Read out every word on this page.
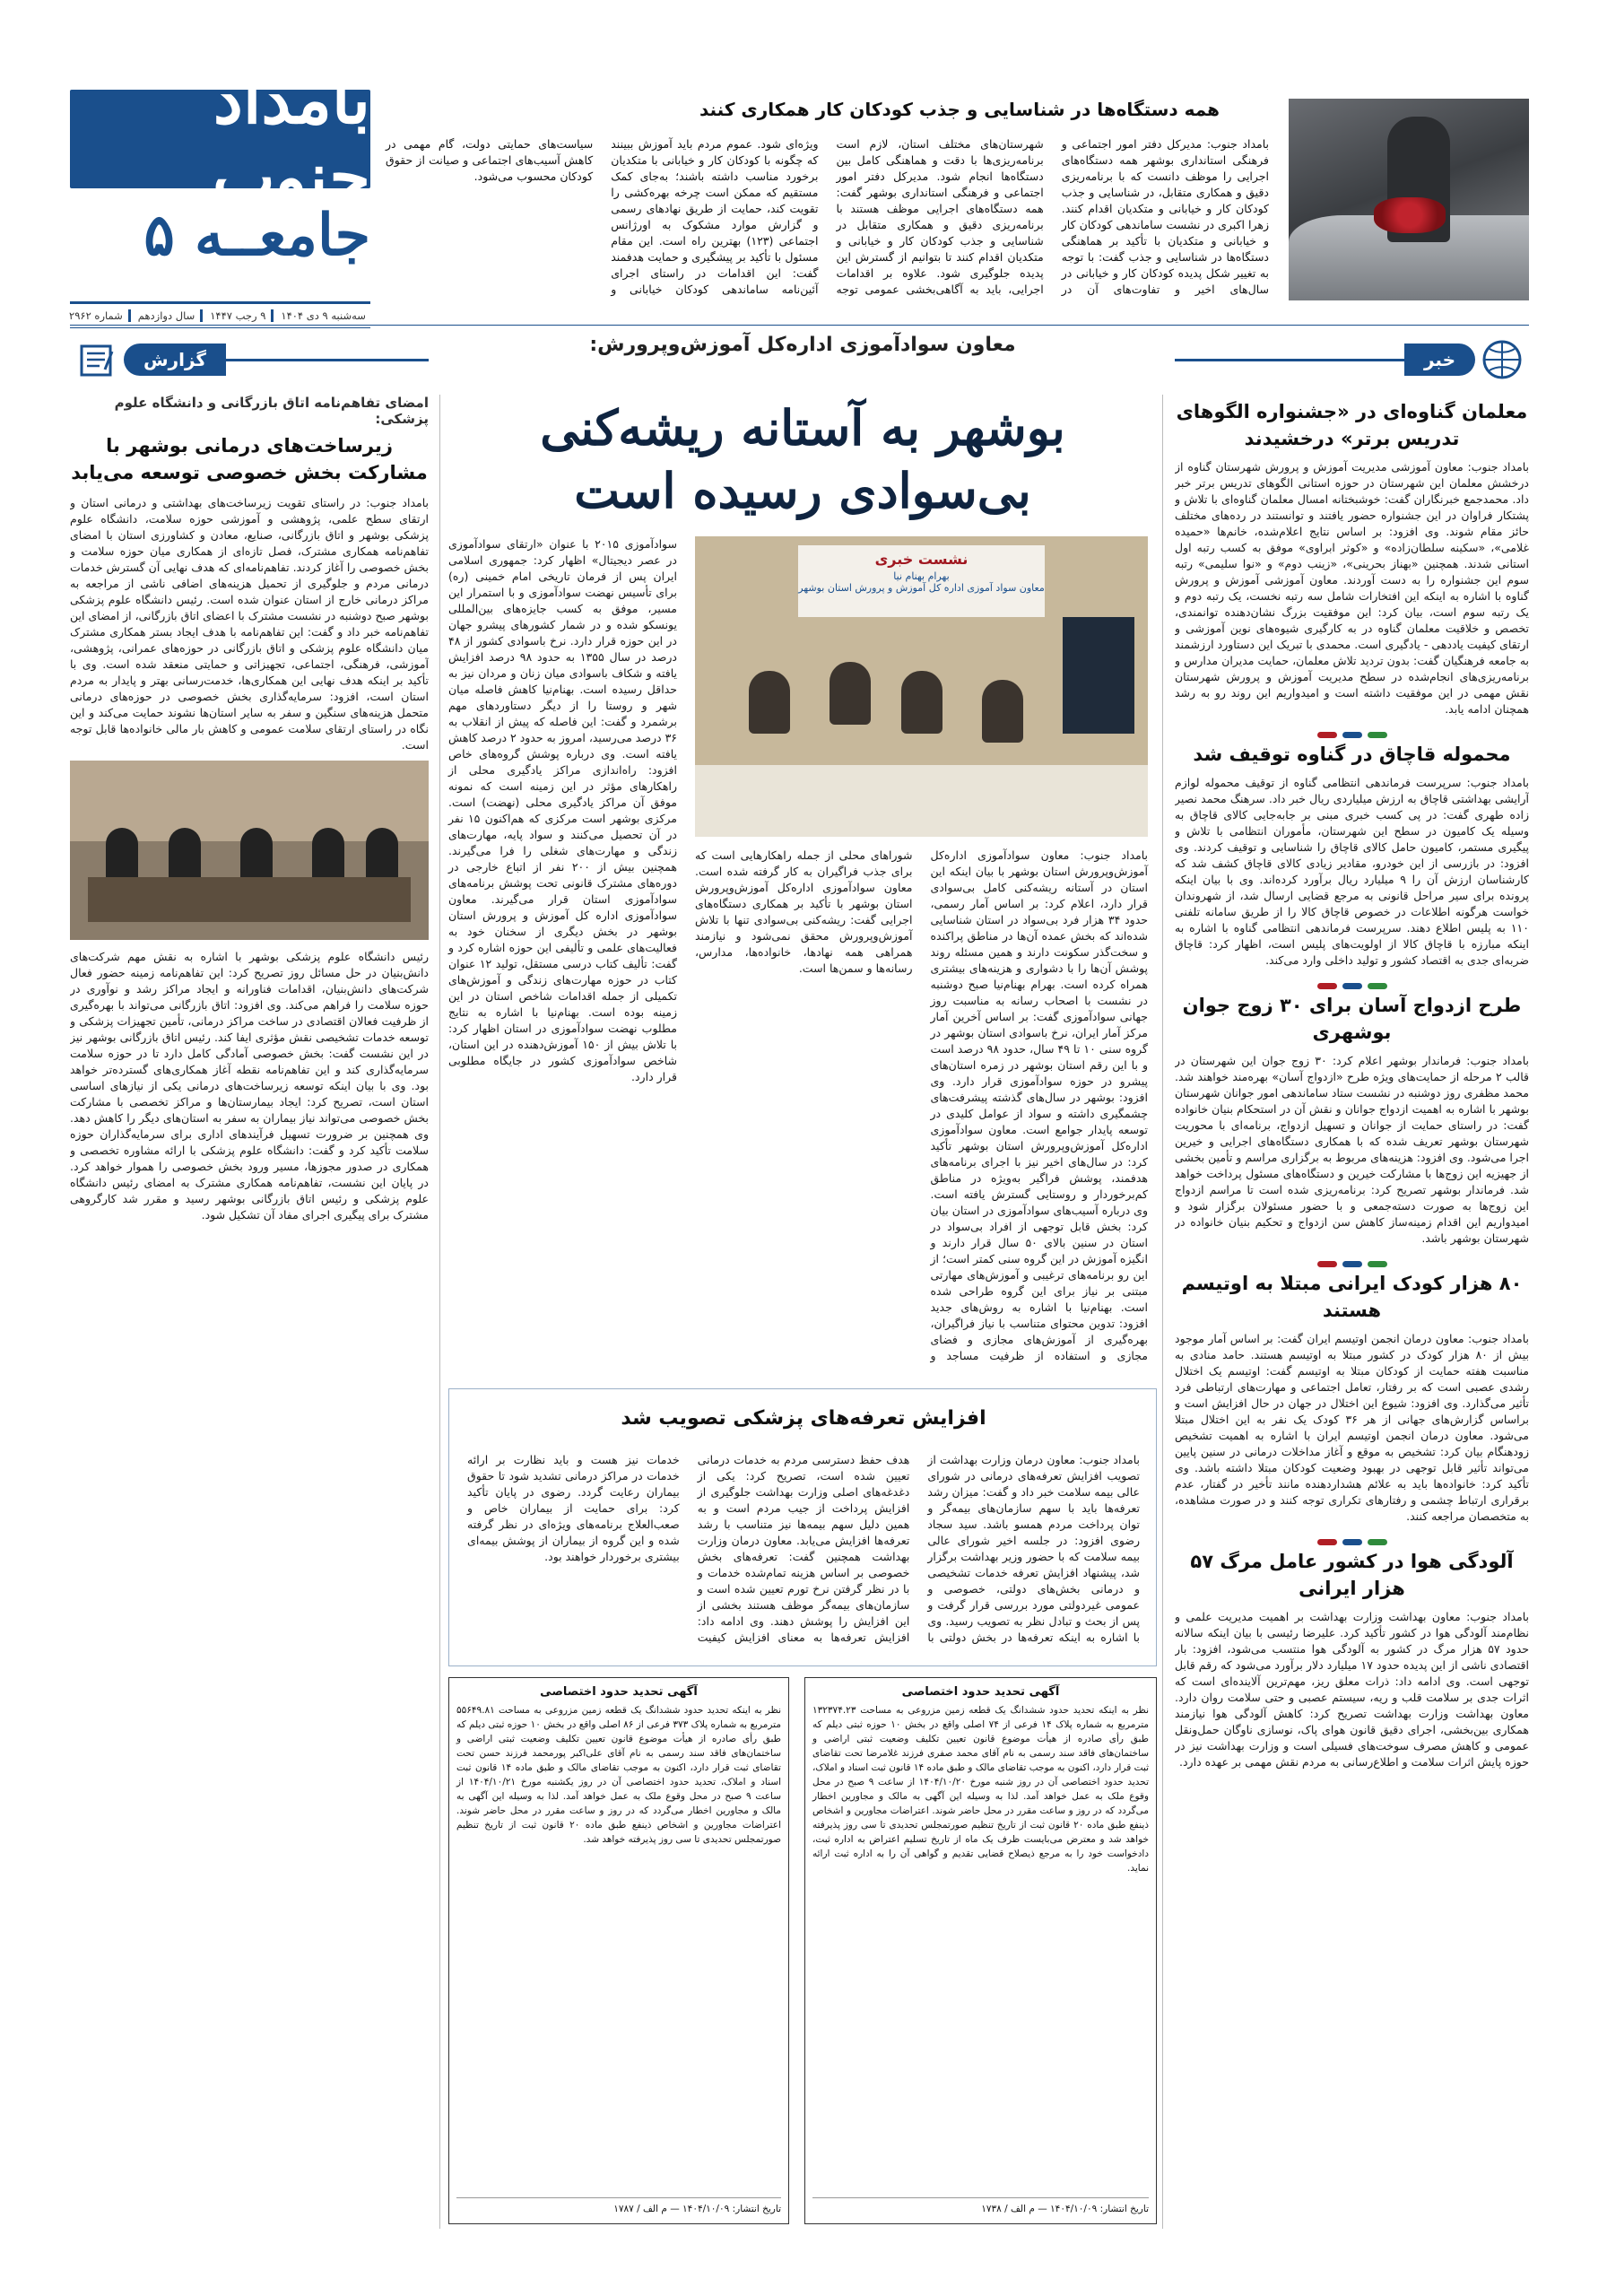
بامداد جنوب
جامعــه ۵
سه‌شنبه ۹ دی ۱۴۰۴
۹ رجب ۱۴۴۷
سال دوازدهم
شماره ۲۹۶۲
همه دستگاه‌ها در شناسایی و جذب کودکان کار همکاری کنند
بامداد جنوب: مدیرکل دفتر امور اجتماعی و فرهنگی استانداری بوشهر همه دستگاه‌های اجرایی را موظف دانست که با برنامه‌ریزی دقیق و همکاری متقابل، در شناسایی و جذب کودکان کار و خیابانی و متکدیان اقدام کنند. زهرا اکبری در نشست ساماندهی کودکان کار و خیابانی و متکدیان با تأکید بر هماهنگی دستگاه‌ها در شناسایی و جذب گفت: با توجه به تغییر شکل پدیده کودکان کار و خیابانی در سال‌های اخیر و تفاوت‌های آن در شهرستان‌های مختلف استان، لازم است برنامه‌ریزی‌ها با دقت و هماهنگی کامل بین دستگاه‌ها انجام شود. مدیرکل دفتر امور اجتماعی و فرهنگی استانداری بوشهر گفت: همه دستگاه‌های اجرایی موظف هستند با برنامه‌ریزی دقیق و همکاری متقابل در شناسایی و جذب کودکان کار و خیابانی و متکدیان اقدام کنند تا بتوانیم از گسترش این پدیده جلوگیری شود. علاوه بر اقدامات اجرایی، باید به آگاهی‌بخشی عمومی توجه ویژه‌ای شود. عموم مردم باید آموزش ببینند که چگونه با کودکان کار و خیابانی با متکدیان برخورد مناسب داشته باشند؛ به‌جای کمک مستقیم که ممکن است چرخه بهره‌کشی را تقویت کند، حمایت از طریق نهادهای رسمی و گزارش موارد مشکوک به اورژانس اجتماعی (۱۲۳) بهترین راه است. این مقام مسئول با تأکید بر پیشگیری و حمایت هدفمند گفت: این اقدامات در راستای اجرای آئین‌نامه ساماندهی کودکان خیابانی و سیاست‌های حمایتی دولت، گام مهمی در کاهش آسیب‌های اجتماعی و صیانت از حقوق کودکان محسوب می‌شود.
خبر
گزارش
معلمان گناوه‌ای در «جشنواره الگوهای تدریس برتر» درخشیدند
بامداد جنوب: معاون آموزشی مدیریت آموزش و پرورش شهرستان گناوه از درخشش معلمان این شهرستان در حوزه استانی الگوهای تدریس برتر خبر داد. محمدجمع خبرنگاران گفت: خوشبختانه امسال معلمان گناوه‌ای با تلاش و پشتکار فراوان در این جشنواره حضور یافتند و توانستند در رده‌های مختلف حائز مقام شوند. وی افزود: بر اساس نتایج اعلام‌شده، خانم‌ها «حمیده غلامی»، «سکینه سلطان‌زاده» و «کوثر ابراوی» موفق به کسب رتبه اول استانی شدند. همچنین «بهناز بحرینی»، «زینب دوم» و «نوا سلیمی» رتبه سوم این جشنواره را به دست آوردند. معاون آموزشی آموزش و پرورش گناوه با اشاره به اینکه این افتخارات شامل سه رتبه نخست، یک رتبه دوم و یک رتبه سوم است، بیان کرد: این موفقیت بزرگ نشان‌دهنده توانمندی، تخصص و خلاقیت معلمان گناوه در به کارگیری شیوه‌های نوین آموزشی و ارتقای کیفیت یاددهی - یادگیری است. محمدی با تبریک این دستاورد ارزشمند به جامعه فرهنگیان گفت: بدون تردید تلاش معلمان، حمایت مدیران مدارس و برنامه‌ریزی‌های انجام‌شده در سطح مدیریت آموزش و پرورش شهرستان نقش مهمی در این موفقیت داشته است و امیدواریم این روند رو به رشد همچنان ادامه یابد.
محموله قاچاق در گناوه توقیف شد
بامداد جنوب: سرپرست فرماندهی انتظامی گناوه از توقیف محموله لوازم آرایشی بهداشتی قاچاق به ارزش میلیاردی ریال خبر داد. سرهنگ محمد نصیر زاده طهری گفت: در پی کسب خبری مبنی بر جابه‌جایی کالای قاچاق به وسیله یک کامیون در سطح این شهرستان، مأموران انتظامی با تلاش و پیگیری مستمر، کامیون حامل کالای قاچاق را شناسایی و توقیف کردند. وی افزود: در بازرسی از این خودرو، مقادیر زیادی کالای قاچاق کشف شد که کارشناسان ارزش آن را ۹ میلیارد ریال برآورد کرده‌اند. وی با بیان اینکه پرونده برای سیر مراحل قانونی به مرجع قضایی ارسال شد، از شهروندان خواست هرگونه اطلاعات در خصوص قاچاق کالا را از طریق سامانه تلفنی ۱۱۰ به پلیس اطلاع دهند. سرپرست فرماندهی انتظامی گناوه با اشاره به اینکه مبارزه با قاچاق کالا از اولویت‌های پلیس است، اظهار کرد: قاچاق ضربه‌ای جدی به اقتصاد کشور و تولید داخلی وارد می‌کند.
طرح ازدواج آسان برای ۳۰ زوج جوان بوشهری
بامداد جنوب: فرماندار بوشهر اعلام کرد: ۳۰ زوج جوان این شهرستان در قالب ۲ مرحله از حمایت‌های ویژه طرح «ازدواج آسان» بهره‌مند خواهند شد. محمد مظفری روز دوشنبه در نشست ستاد ساماندهی امور جوانان شهرستان بوشهر با اشاره به اهمیت ازدواج جوانان و نقش آن در استحکام بنیان خانواده گفت: در راستای حمایت از جوانان و تسهیل ازدواج، برنامه‌ای با محوریت شهرستان بوشهر تعریف شده که با همکاری دستگاه‌های اجرایی و خیرین اجرا می‌شود. وی افزود: هزینه‌های مربوط به برگزاری مراسم و تأمین بخشی از جهیزیه این زوج‌ها با مشارکت خیرین و دستگاه‌های مسئول پرداخت خواهد شد. فرماندار بوشهر تصریح کرد: برنامه‌ریزی شده است تا مراسم ازدواج این زوج‌ها به صورت دسته‌جمعی و با حضور مسئولان برگزار شود و امیدواریم این اقدام زمینه‌ساز کاهش سن ازدواج و تحکیم بنیان خانواده در شهرستان بوشهر باشد.
۸۰ هزار کودک ایرانی مبتلا به اوتیسم هستند
بامداد جنوب: معاون درمان انجمن اوتیسم ایران گفت: بر اساس آمار موجود بیش از ۸۰ هزار کودک در کشور مبتلا به اوتیسم هستند. حامد منادی به مناسبت هفته حمایت از کودکان مبتلا به اوتیسم گفت: اوتیسم یک اختلال رشدی عصبی است که بر رفتار، تعامل اجتماعی و مهارت‌های ارتباطی فرد تأثیر می‌گذارد. وی افزود: شیوع این اختلال در جهان در حال افزایش است و براساس گزارش‌های جهانی از هر ۳۶ کودک یک نفر به این اختلال مبتلا می‌شود. معاون درمان انجمن اوتیسم ایران با اشاره به اهمیت تشخیص زودهنگام بیان کرد: تشخیص به موقع و آغاز مداخلات درمانی در سنین پایین می‌تواند تأثیر قابل توجهی در بهبود وضعیت کودکان مبتلا داشته باشد. وی تأکید کرد: خانواده‌ها باید به علائم هشداردهنده مانند تأخیر در گفتار، عدم برقراری ارتباط چشمی و رفتارهای تکراری توجه کنند و در صورت مشاهده، به متخصصان مراجعه کنند.
آلودگی هوا در کشور عامل مرگ ۵۷ هزار ایرانی
بامداد جنوب: معاون بهداشت وزارت بهداشت بر اهمیت مدیریت علمی و نظام‌مند آلودگی هوا در کشور تأکید کرد. علیرضا رئیسی با بیان اینکه سالانه حدود ۵۷ هزار مرگ در کشور به آلودگی هوا منتسب می‌شود، افزود: بار اقتصادی ناشی از این پدیده حدود ۱۷ میلیارد دلار برآورد می‌شود که رقم قابل توجهی است. وی ادامه داد: ذرات معلق ریز، مهم‌ترین آلاینده‌ای است که اثرات جدی بر سلامت قلب و ریه، سیستم عصبی و حتی سلامت روان دارد. معاون بهداشت وزارت بهداشت تصریح کرد: کاهش آلودگی هوا نیازمند همکاری بین‌بخشی، اجرای دقیق قانون هوای پاک، نوسازی ناوگان حمل‌ونقل عمومی و کاهش مصرف سوخت‌های فسیلی است و وزارت بهداشت نیز در حوزه پایش اثرات سلامت و اطلاع‌رسانی به مردم نقش مهمی بر عهده دارد.
معاون سوادآموزی اداره‌کل آموزش‌وپرورش:
بوشهر به آستانه ریشه‌کنی
بی‌سوادی رسیده است
نشست خبری
بهرام بهنام نیا
معاون سواد آموزی اداره کل آموزش و پرورش استان بوشهر
سوادآموزی ۲۰۱۵ با عنوان «ارتقای سوادآموزی در عصر دیجیتال» اظهار کرد: جمهوری اسلامی ایران پس از فرمان تاریخی امام خمینی (ره) برای تأسیس نهضت سوادآموزی و با استمرار این مسیر، موفق به کسب جایزه‌های بین‌المللی یونسکو شده و در شمار کشورهای پیشرو جهان در این حوزه قرار دارد. نرخ باسوادی کشور از ۴۸ درصد در سال ۱۳۵۵ به حدود ۹۸ درصد افزایش یافته و شکاف باسوادی میان زنان و مردان نیز به حداقل رسیده است. بهنام‌نیا کاهش فاصله میان شهر و روستا را از دیگر دستاوردهای مهم برشمرد و گفت: این فاصله که پیش از انقلاب به ۳۶ درصد می‌رسید، امروز به حدود ۲ درصد کاهش یافته است. وی درباره پوشش گروه‌های خاص افزود: راه‌اندازی مراکز یادگیری محلی از راهکارهای مؤثر در این زمینه است که نمونه موفق آن مراکز یادگیری محلی (نهضت) است. مرکزی بوشهر است مرکزی که هم‌اکنون ۱۵ نفر در آن تحصیل می‌کنند و سواد پایه، مهارت‌های زندگی و مهارت‌های شغلی را فرا می‌گیرند. همچنین بیش از ۲۰۰ نفر از اتباع خارجی در دوره‌های مشترک قانونی تحت پوشش برنامه‌های سوادآموزی استان قرار می‌گیرند. معاون سوادآموزی اداره کل آموزش و پرورش استان بوشهر در بخش دیگری از سخنان خود به فعالیت‌های علمی و تألیفی این حوزه اشاره کرد و گفت: تألیف کتاب درسی مستقل، تولید ۱۲ عنوان کتاب در حوزه مهارت‌های زندگی و آموزش‌های تکمیلی از جمله اقدامات شاخص استان در این زمینه بوده است. بهنام‌نیا با اشاره به نتایج مطلوب نهضت سوادآموزی در استان اظهار کرد: با تلاش بیش از ۱۵۰ آموزش‌دهنده در این استان، شاخص سوادآموزی کشور در جایگاه مطلوبی قرار دارد.
بامداد جنوب: معاون سوادآموزی اداره‌کل آموزش‌وپرورش استان بوشهر با بیان اینکه این استان در آستانه ریشه‌کنی کامل بی‌سوادی قرار دارد، اعلام کرد: بر اساس آمار رسمی، حدود ۳۴ هزار فرد بی‌سواد در استان شناسایی شده‌اند که بخش عمده آن‌ها در مناطق پراکنده و سخت‌گذر سکونت دارند و همین مسئله روند پوشش آن‌ها را با دشواری و هزینه‌های بیشتری همراه کرده است. بهرام بهنام‌نیا صبح دوشنبه در نشست با اصحاب رسانه به مناسبت روز جهانی سوادآموزی گفت: بر اساس آخرین آمار مرکز آمار ایران، نرخ باسوادی استان بوشهر در گروه سنی ۱۰ تا ۴۹ سال، حدود ۹۸ درصد است و با این رقم استان بوشهر در زمره استان‌های پیشرو در حوزه سوادآموزی قرار دارد. وی افزود: بوشهر در سال‌های گذشته پیشرفت‌های چشمگیری داشته و سواد از عوامل کلیدی در توسعه پایدار جوامع است. معاون سوادآموزی اداره‌کل آموزش‌وپرورش استان بوشهر تأکید کرد: در سال‌های اخیر نیز با اجرای برنامه‌های هدفمند، پوشش فراگیر به‌ویژه در مناطق کم‌برخوردار و روستایی گسترش یافته است. وی درباره آسیب‌های سوادآموزی در استان بیان کرد: بخش قابل توجهی از افراد بی‌سواد در استان در سنین بالای ۵۰ سال قرار دارند و انگیزه آموزش در این گروه سنی کمتر است؛ از این رو برنامه‌های ترغیبی و آموزش‌های مهارتی مبتنی بر نیاز برای این گروه طراحی شده است. بهنام‌نیا با اشاره به روش‌های جدید افزود: تدوین محتوای متناسب با نیاز فراگیران، بهره‌گیری از آموزش‌های مجازی و فضای مجازی و استفاده از ظرفیت مساجد و شوراهای محلی از جمله راهکارهایی است که برای جذب فراگیران به کار گرفته شده است. معاون سوادآموزی اداره‌کل آموزش‌وپرورش استان بوشهر با تأکید بر همکاری دستگاه‌های اجرایی گفت: ریشه‌کنی بی‌سوادی تنها با تلاش آموزش‌وپرورش محقق نمی‌شود و نیازمند همراهی همه نهادها، خانواده‌ها، مدارس، رسانه‌ها و سمن‌ها است.
افزایش تعرفه‌های پزشکی تصویب شد
بامداد جنوب: معاون درمان وزارت بهداشت از تصویب افزایش تعرفه‌های درمانی در شورای عالی بیمه سلامت خبر داد و گفت: میزان رشد تعرفه‌ها باید با سهم سازمان‌های بیمه‌گر و توان پرداخت مردم همسو باشد. سید سجاد رضوی افزود: در جلسه اخیر شورای عالی بیمه سلامت که با حضور وزیر بهداشت برگزار شد، پیشنهاد افزایش تعرفه خدمات تشخیصی و درمانی بخش‌های دولتی، خصوصی و عمومی غیردولتی مورد بررسی قرار گرفت و پس از بحث و تبادل نظر به تصویب رسید. وی با اشاره به اینکه تعرفه‌ها در بخش دولتی با هدف حفظ دسترسی مردم به خدمات درمانی تعیین شده است، تصریح کرد: یکی از دغدغه‌های اصلی وزارت بهداشت جلوگیری از افزایش پرداخت از جیب مردم است و به همین دلیل سهم بیمه‌ها نیز متناسب با رشد تعرفه‌ها افزایش می‌یابد. معاون درمان وزارت بهداشت همچنین گفت: تعرفه‌های بخش خصوصی بر اساس هزینه تمام‌شده خدمات و با در نظر گرفتن نرخ تورم تعیین شده است و سازمان‌های بیمه‌گر موظف هستند بخشی از این افزایش را پوشش دهند. وی ادامه داد: افزایش تعرفه‌ها به معنای افزایش کیفیت خدمات نیز هست و باید نظارت بر ارائه خدمات در مراکز درمانی تشدید شود تا حقوق بیماران رعایت گردد. رضوی در پایان تأکید کرد: برای حمایت از بیماران خاص و صعب‌العلاج برنامه‌های ویژه‌ای در نظر گرفته شده و این گروه از بیماران از پوشش بیمه‌ای بیشتری برخوردار خواهند بود.
آگهی تحدید حدود اختصاصی
نظر به اینکه تحدید حدود ششدانگ یک قطعه زمین مزروعی به مساحت ۱۳۲۳۷۴.۲۳ مترمربع به شماره پلاک ۱۴ فرعی از ۷۴ اصلی واقع در بخش ۱۰ حوزه ثبتی دیلم که طبق رأی صادره از هیأت موضوع قانون تعیین تکلیف وضعیت ثبتی اراضی و ساختمان‌های فاقد سند رسمی به نام آقای محمد صفری فرزند غلامرضا تحت تقاضای ثبت قرار دارد، اکنون به موجب تقاضای مالک و طبق ماده ۱۴ قانون ثبت اسناد و املاک، تحدید حدود اختصاصی آن در روز شنبه مورخ ۱۴۰۴/۱۰/۲۰ از ساعت ۹ صبح در محل وقوع ملک به عمل خواهد آمد. لذا به وسیله این آگهی به مالک و مجاورین اخطار می‌گردد که در روز و ساعت مقرر در محل حاضر شوند. اعتراضات مجاورین و اشخاص ذینفع طبق ماده ۲۰ قانون ثبت از تاریخ تنظیم صورتمجلس تحدیدی تا سی روز پذیرفته خواهد شد و معترض می‌بایست ظرف یک ماه از تاریخ تسلیم اعتراض به اداره ثبت، دادخواست خود را به مرجع ذیصلاح قضایی تقدیم و گواهی آن را به اداره ثبت ارائه نماید.
تاریخ انتشار: ۱۴۰۴/۱۰/۰۹ — م الف / ۱۷۳۸
آگهی تحدید حدود اختصاصی
نظر به اینکه تحدید حدود ششدانگ یک قطعه زمین مزروعی به مساحت ۵۵۶۴۹.۸۱ مترمربع به شماره پلاک ۳۷۳ فرعی از ۸۶ اصلی واقع در بخش ۱۰ حوزه ثبتی دیلم که طبق رأی صادره از هیأت موضوع قانون تعیین تکلیف وضعیت ثبتی اراضی و ساختمان‌های فاقد سند رسمی به نام آقای علی‌اکبر پورمحمد فرزند حسن تحت تقاضای ثبت قرار دارد، اکنون به موجب تقاضای مالک و طبق ماده ۱۴ قانون ثبت اسناد و املاک، تحدید حدود اختصاصی آن در روز یکشنبه مورخ ۱۴۰۴/۱۰/۲۱ از ساعت ۹ صبح در محل وقوع ملک به عمل خواهد آمد. لذا به وسیله این آگهی به مالک و مجاورین اخطار می‌گردد که در روز و ساعت مقرر در محل حاضر شوند. اعتراضات مجاورین و اشخاص ذینفع طبق ماده ۲۰ قانون ثبت از تاریخ تنظیم صورتمجلس تحدیدی تا سی روز پذیرفته خواهد شد.
تاریخ انتشار: ۱۴۰۴/۱۰/۰۹ — م الف / ۱۷۸۷
امضای تفاهم‌نامه اتاق بازرگانی و دانشگاه علوم پزشکی:
زیرساخت‌های درمانی بوشهر با مشارکت بخش خصوصی توسعه می‌یابد
بامداد جنوب: در راستای تقویت زیرساخت‌های بهداشتی و درمانی استان و ارتقای سطح علمی، پژوهشی و آموزشی حوزه سلامت، دانشگاه علوم پزشکی بوشهر و اتاق بازرگانی، صنایع، معادن و کشاورزی استان با امضای تفاهم‌نامه همکاری مشترک، فصل تازه‌ای از همکاری میان حوزه سلامت و بخش خصوصی را آغاز کردند. تفاهم‌نامه‌ای که هدف نهایی آن گسترش خدمات درمانی مردم و جلوگیری از تحمیل هزینه‌های اضافی ناشی از مراجعه به مراکز درمانی خارج از استان عنوان شده است. رئیس دانشگاه علوم پزشکی بوشهر صبح دوشنبه در نشست مشترک با اعضای اتاق بازرگانی، از امضای این تفاهم‌نامه خبر داد و گفت: این تفاهم‌نامه با هدف ایجاد بستر همکاری مشترک میان دانشگاه علوم پزشکی و اتاق بازرگانی در حوزه‌های عمرانی، پژوهشی، آموزشی، فرهنگی، اجتماعی، تجهیزاتی و حمایتی منعقد شده است. وی با تأکید بر اینکه هدف نهایی این همکاری‌ها، خدمت‌رسانی بهتر و پایدار به مردم استان است، افزود: سرمایه‌گذاری بخش خصوصی در حوزه‌های درمانی متحمل هزینه‌های سنگین و سفر به سایر استان‌ها نشوند حمایت می‌کند و این نگاه در راستای ارتقای سلامت عمومی و کاهش بار مالی خانواده‌ها قابل توجه است.
رئیس دانشگاه علوم پزشکی بوشهر با اشاره به نقش مهم شرکت‌های دانش‌بنیان در حل مسائل روز تصریح کرد: این تفاهم‌نامه زمینه حضور فعال شرکت‌های دانش‌بنیان، اقدامات فناورانه و ایجاد مراکز رشد و نوآوری در حوزه سلامت را فراهم می‌کند. وی افزود: اتاق بازرگانی می‌تواند با بهره‌گیری از ظرفیت فعالان اقتصادی در ساخت مراکز درمانی، تأمین تجهیزات پزشکی و توسعه خدمات تشخیصی نقش مؤثری ایفا کند. رئیس اتاق بازرگانی بوشهر نیز در این نشست گفت: بخش خصوصی آمادگی کامل دارد تا در حوزه سلامت سرمایه‌گذاری کند و این تفاهم‌نامه نقطه آغاز همکاری‌های گسترده‌تر خواهد بود. وی با بیان اینکه توسعه زیرساخت‌های درمانی یکی از نیازهای اساسی استان است، تصریح کرد: ایجاد بیمارستان‌ها و مراکز تخصصی با مشارکت بخش خصوصی می‌تواند نیاز بیماران به سفر به استان‌های دیگر را کاهش دهد. وی همچنین بر ضرورت تسهیل فرآیندهای اداری برای سرمایه‌گذاران حوزه سلامت تأکید کرد و گفت: دانشگاه علوم پزشکی با ارائه مشاوره تخصصی و همکاری در صدور مجوزها، مسیر ورود بخش خصوصی را هموار خواهد کرد. در پایان این نشست، تفاهم‌نامه همکاری مشترک به امضای رئیس دانشگاه علوم پزشکی و رئیس اتاق بازرگانی بوشهر رسید و مقرر شد کارگروهی مشترک برای پیگیری اجرای مفاد آن تشکیل شود.
